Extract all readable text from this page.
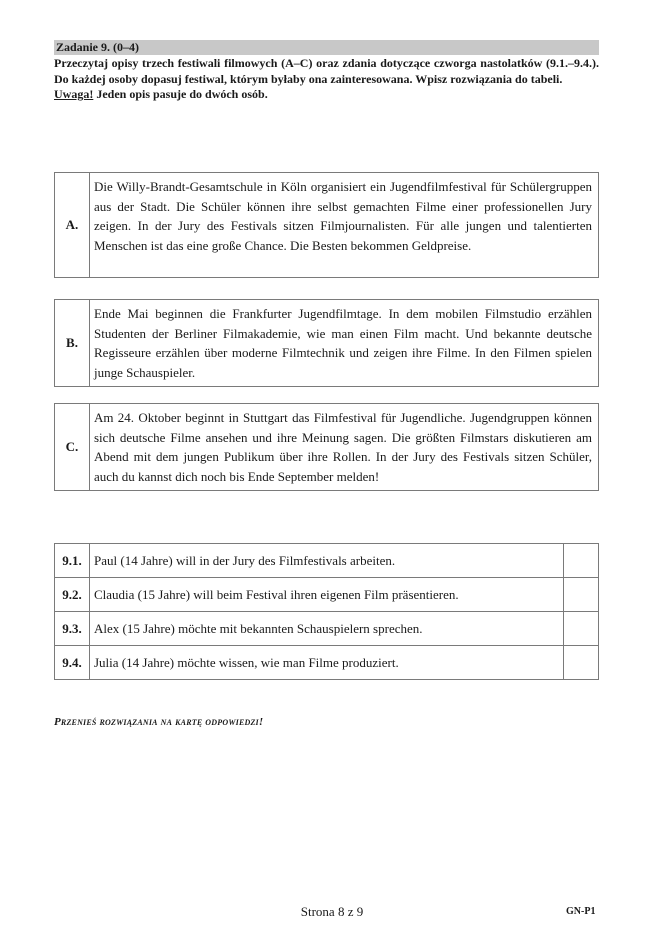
Zadanie 9. (0–4)

Przeczytaj opisy trzech festiwali filmowych (A–C) oraz zdania dotyczące czworga nastolatków (9.1.–9.4.). Do każdej osoby dopasuj festiwal, którym byłaby ona zainteresowana. Wpisz rozwiązania do tabeli.

Uwaga! Jeden opis pasuje do dwóch osób.

A.
Die Willy-Brandt-Gesamtschule in Köln organisiert ein Jugendfilmfestival für Schülergruppen aus der Stadt. Die Schüler können ihre selbst gemachten Filme einer professionellen Jury zeigen. In der Jury des Festivals sitzen Filmjournalisten. Für alle jungen und talentierten Menschen ist das eine große Chance. Die Besten bekommen Geldpreise.
B.
Ende Mai beginnen die Frankfurter Jugendfilmtage. In dem mobilen Filmstudio erzählen Studenten der Berliner Filmakademie, wie man einen Film macht. Und bekannte deutsche Regisseure erzählen über moderne Filmtechnik und zeigen ihre Filme. In den Filmen spielen junge Schauspieler.
C.
Am 24. Oktober beginnt in Stuttgart das Filmfestival für Jugendliche. Jugendgruppen können sich deutsche Filme ansehen und ihre Meinung sagen. Die größten Filmstars diskutieren am Abend mit dem jungen Publikum über ihre Rollen. In der Jury des Festivals sitzen Schüler, auch du kannst dich noch bis Ende September melden!
9.1.	Paul (14 Jahre) will in der Jury des Filmfestivals arbeiten.	
9.2.	Claudia (15 Jahre) will beim Festival ihren eigenen Film präsentieren.	
9.3.	Alex (15 Jahre) möchte mit bekannten Schauspielern sprechen.	
9.4.	Julia (14 Jahre) möchte wissen, wie man Filme produziert.	
Przenieś rozwiązania na kartę odpowiedzi!
Strona 8 z 9	GN-P1
